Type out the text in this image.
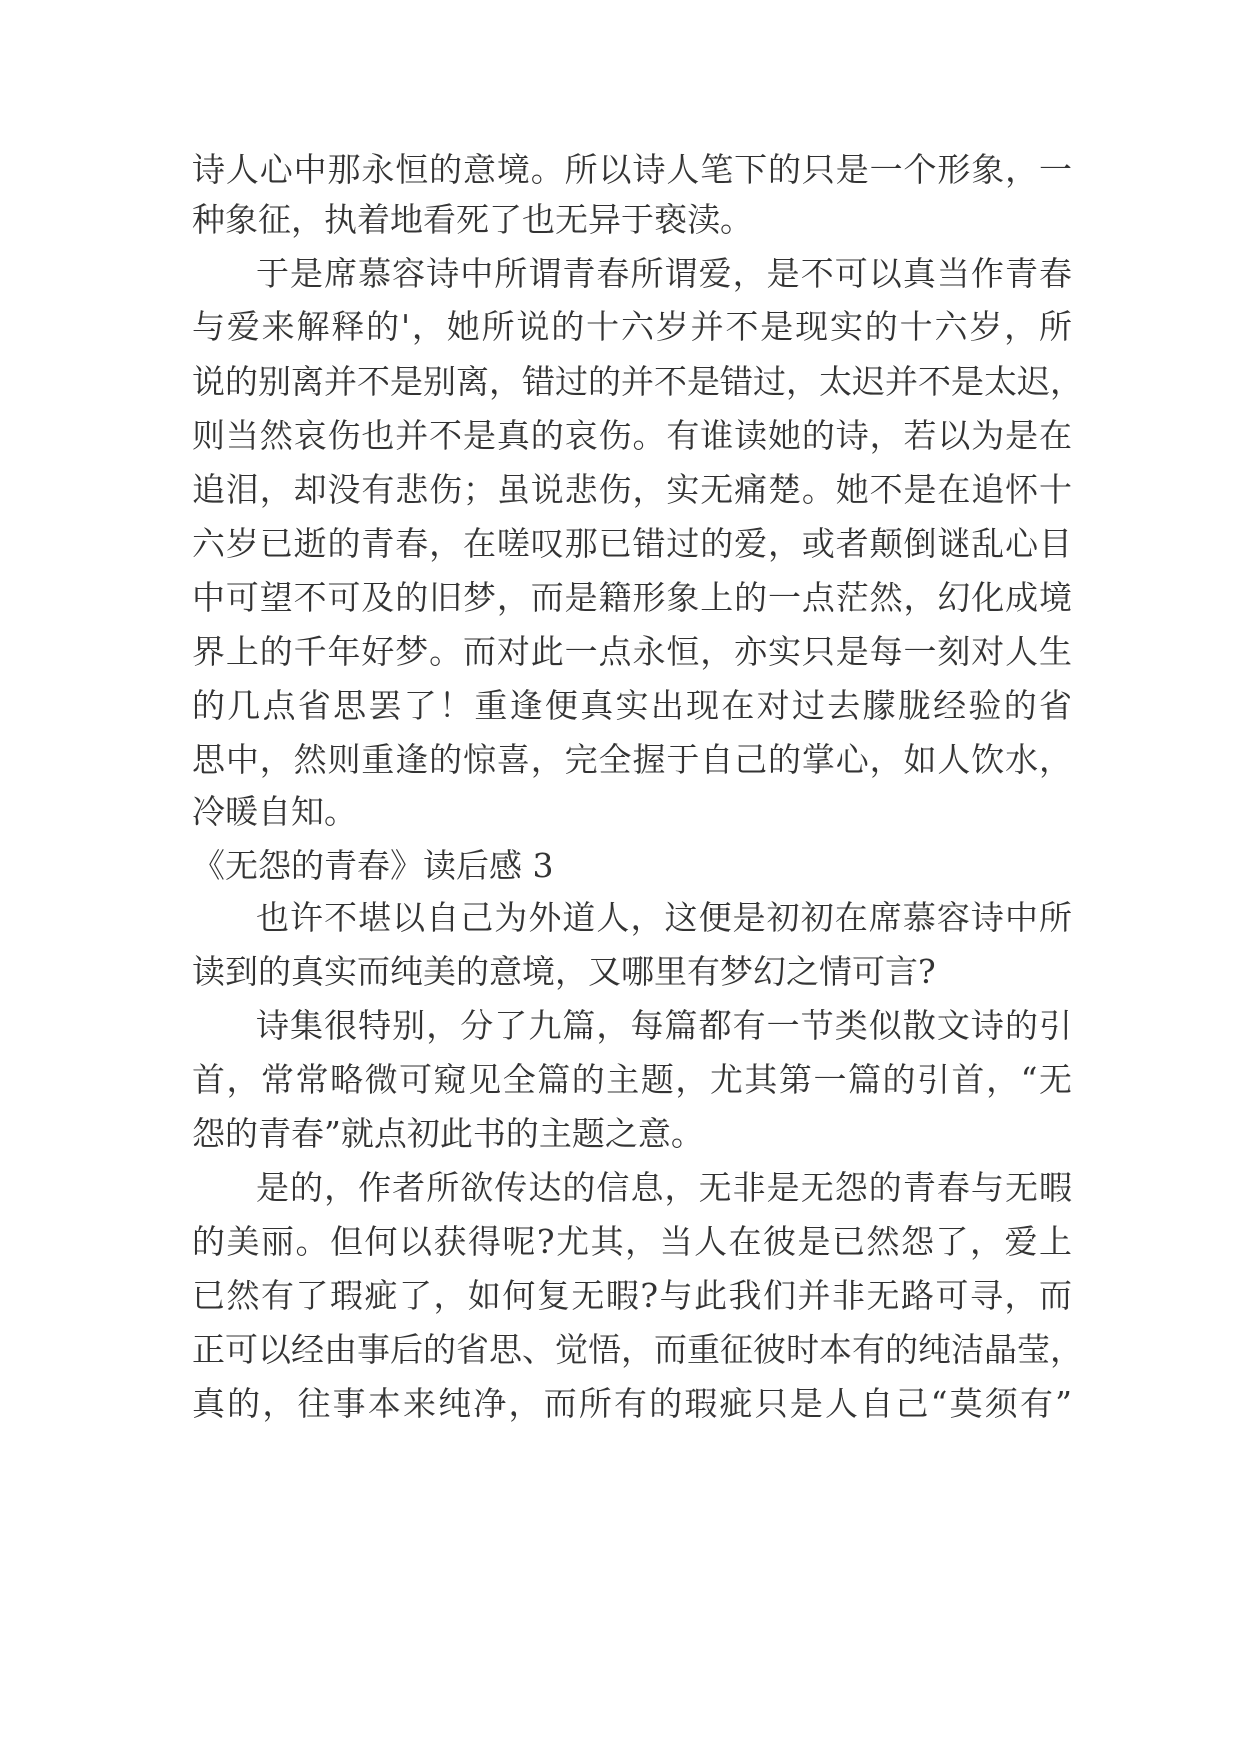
诗人心中那永恒的意境。所以诗人笔下的只是一个形象，一
种象征，执着地看死了也无异于亵渎。
于是席慕容诗中所谓青春所谓爱，是不可以真当作青春
与爱来解释的'，她所说的十六岁并不是现实的十六岁，所
说的别离并不是别离，错过的并不是错过，太迟并不是太迟，
则当然哀伤也并不是真的哀伤。有谁读她的诗，若以为是在
追泪，却没有悲伤；虽说悲伤，实无痛楚。她不是在追怀十
六岁已逝的青春，在嗟叹那已错过的爱，或者颠倒谜乱心目
中可望不可及的旧梦，而是籍形象上的一点茫然，幻化成境
界上的千年好梦。而对此一点永恒，亦实只是每一刻对人生
的几点省思罢了！重逢便真实出现在对过去朦胧经验的省
思中，然则重逢的惊喜，完全握于自己的掌心，如人饮水，
冷暖自知。
《无怨的青春》读后感 3
也许不堪以自己为外道人，这便是初初在席慕容诗中所
读到的真实而纯美的意境，又哪里有梦幻之情可言?
诗集很特别，分了九篇，每篇都有一节类似散文诗的引
首，常常略微可窥见全篇的主题，尤其第一篇的引首，“无
怨的青春”就点初此书的主题之意。
是的，作者所欲传达的信息，无非是无怨的青春与无暇
的美丽。但何以获得呢?尤其，当人在彼是已然怨了，爱上
已然有了瑕疵了，如何复无暇?与此我们并非无路可寻，而
正可以经由事后的省思、觉悟，而重征彼时本有的纯洁晶莹，
真的，往事本来纯净，而所有的瑕疵只是人自己“莫须有”
